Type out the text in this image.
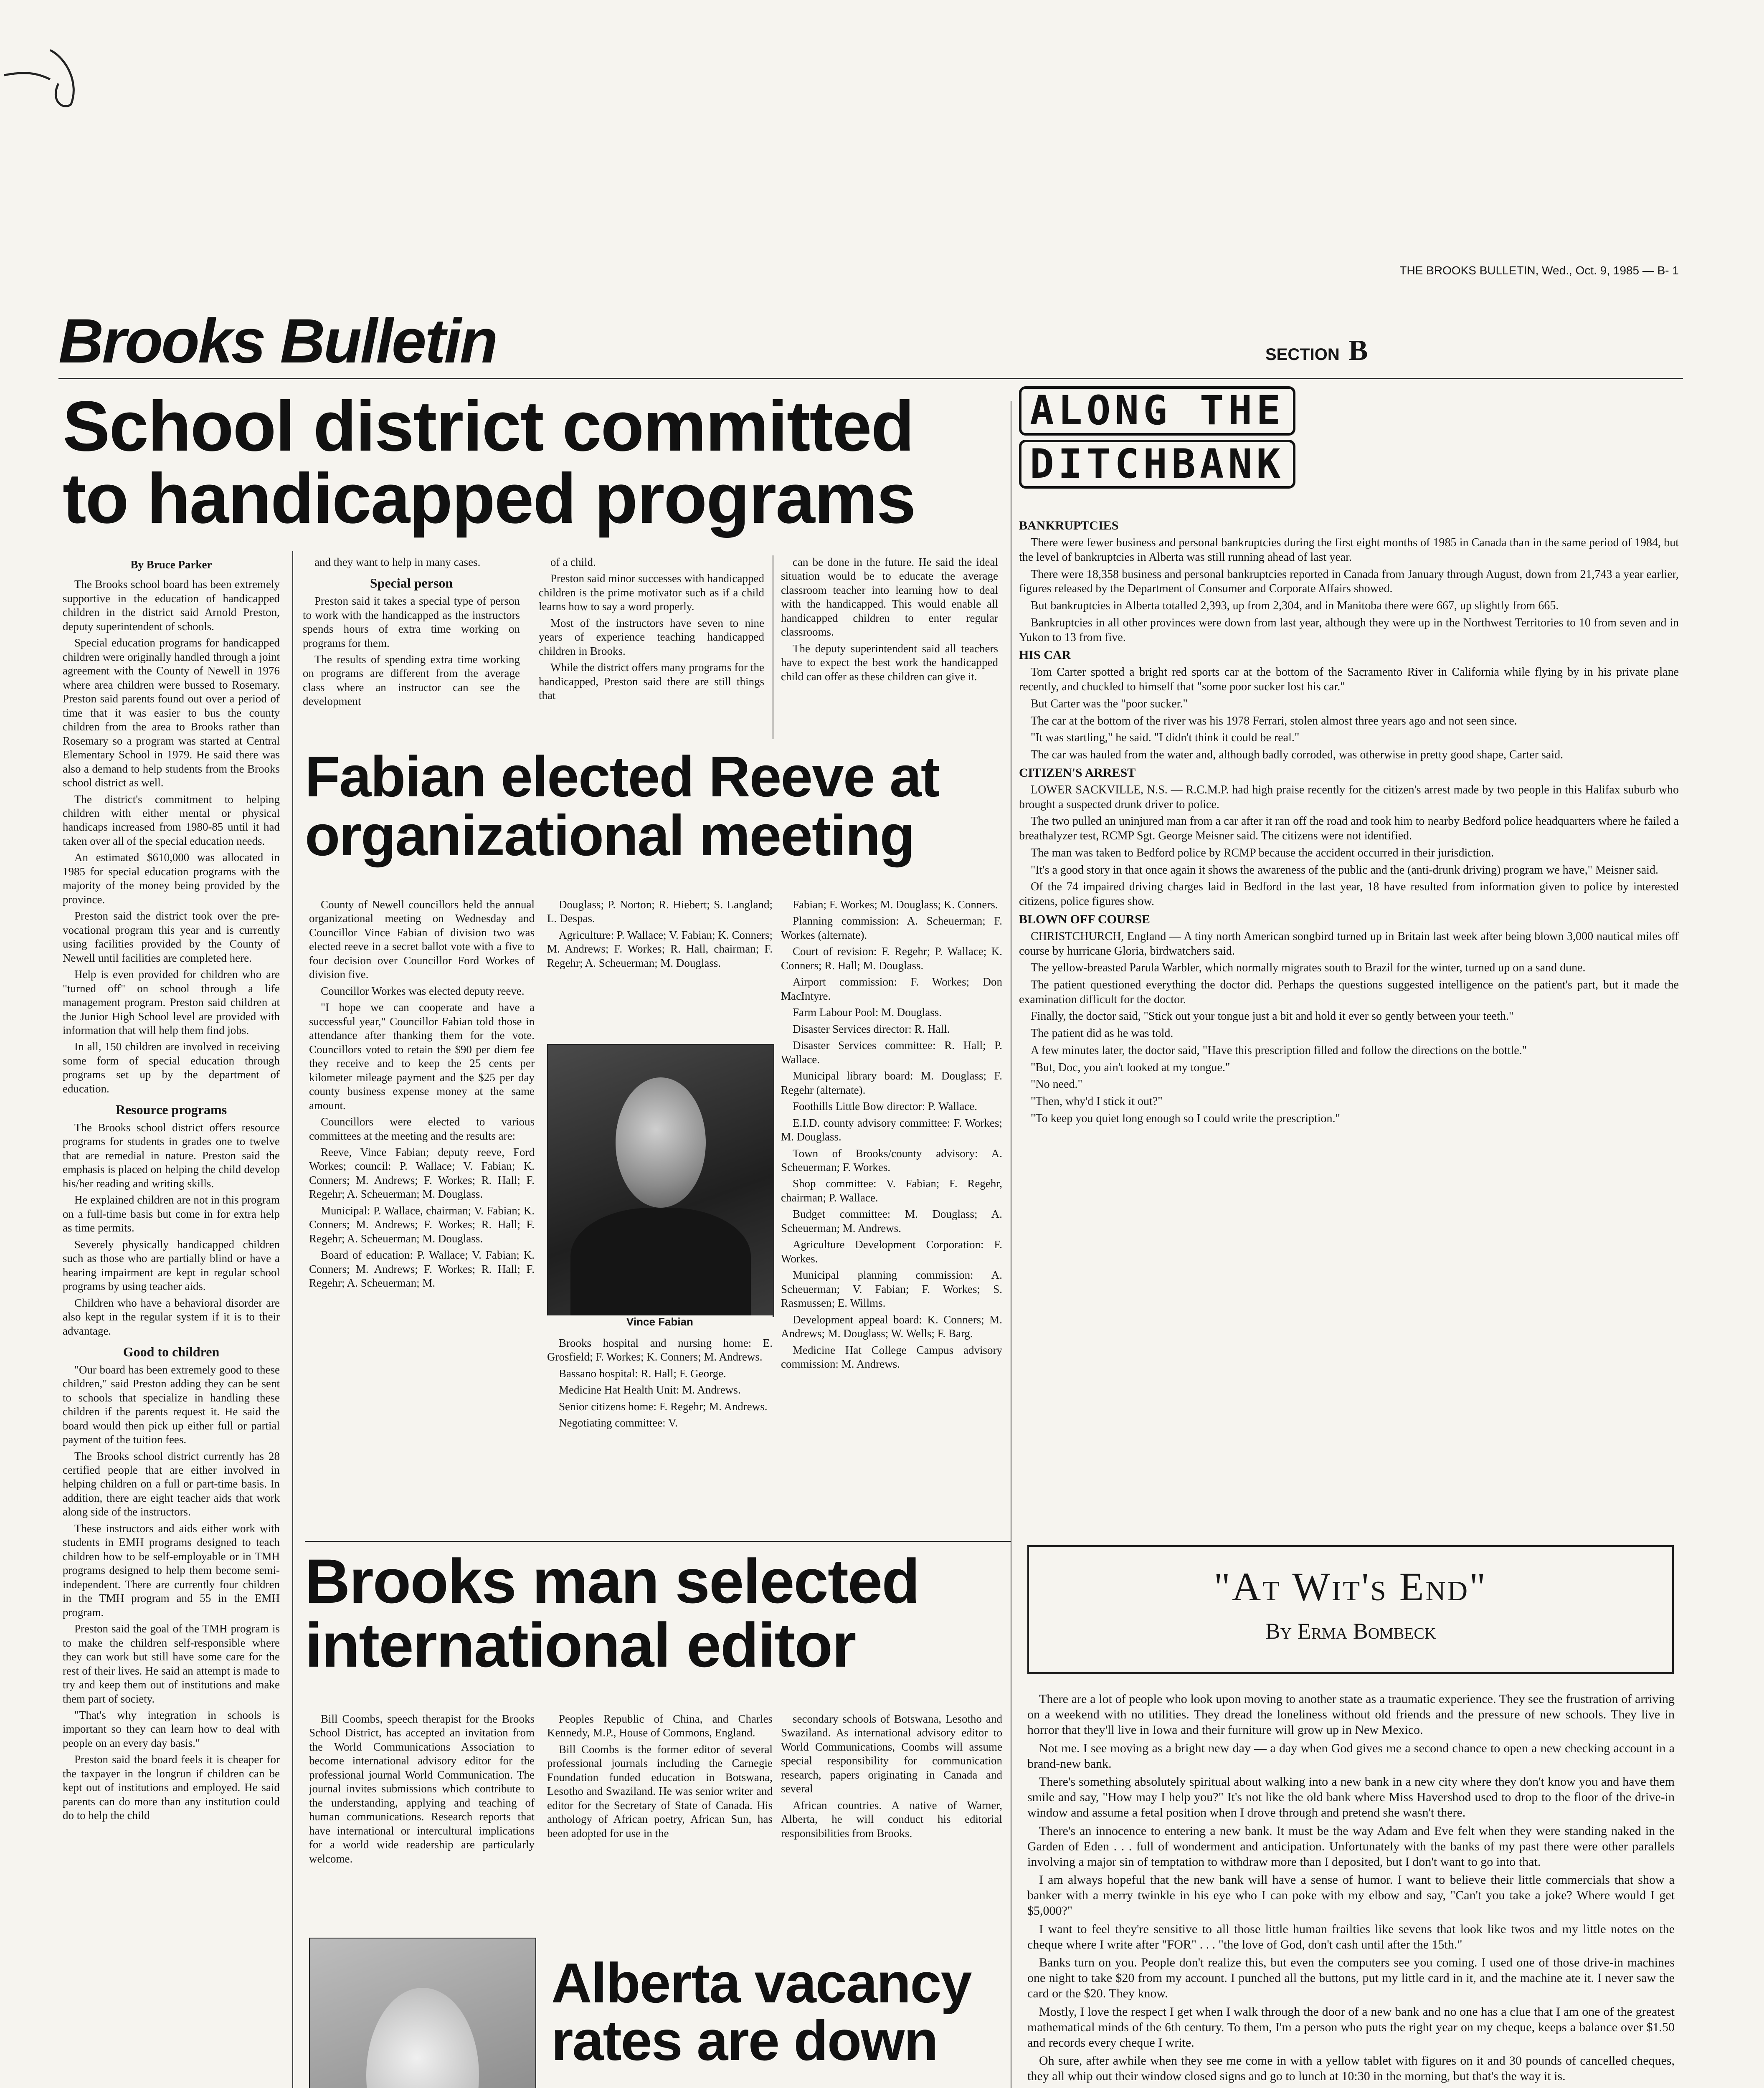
THE BROOKS BULLETIN, Wed., Oct. 9, 1985 — B- 1
Brooks Bulletin	SECTION B
School district committed to handicapped programs

By Bruce Parker

The Brooks school board has been extremely supportive in the education of handicapped children in the district said Arnold Preston, deputy superintendent of schools.

Special education programs for handicapped children were originally handled through a joint agreement with the County of Newell in 1976 where area children were bussed to Rosemary. Preston said parents found out over a period of time that it was easier to bus the county children from the area to Brooks rather than Rosemary so a program was started at Central Elementary School in 1979. He said there was also a demand to help students from the Brooks school district as well.

The district's commitment to helping children with either mental or physical handicaps increased from 1980-85 until it had taken over all of the special education needs.

An estimated $610,000 was allocated in 1985 for special education programs with the majority of the money being provided by the province.

Preston said the district took over the pre-vocational program this year and is currently using facilities provided by the County of Newell until facilities are completed here.

Help is even provided for children who are "turned off" on school through a life management program. Preston said children at the Junior High School level are provided with information that will help them find jobs.

In all, 150 children are involved in receiving some form of special education through programs set up by the department of education.

Resource programs

The Brooks school district offers resource programs for students in grades one to twelve that are remedial in nature. Preston said the emphasis is placed on helping the child develop his/her reading and writing skills.

He explained children are not in this program on a full-time basis but come in for extra help as time permits.

Severely physically handicapped children such as those who are partially blind or have a hearing impairment are kept in regular school programs by using teacher aids.

Children who have a behavioral disorder are also kept in the regular system if it is to their advantage.

Good to children

"Our board has been extremely good to these children," said Preston adding they can be sent to schools that specialize in handling these children if the parents request it. He said the board would then pick up either full or partial payment of the tuition fees.

The Brooks school district currently has 28 certified people that are either involved in helping children on a full or part-time basis. In addition, there are eight teacher aids that work along side of the instructors.

These instructors and aids either work with students in EMH programs designed to teach children how to be self-employable or in TMH programs designed to help them become semi-independent. There are currently four children in the TMH program and 55 in the EMH program.

Preston said the goal of the TMH program is to make the children self-responsible where they can work but still have some care for the rest of their lives. He said an attempt is made to try and keep them out of institutions and make them part of society.

"That's why integration in schools is important so they can learn how to deal with people on an every day basis."

Preston said the board feels it is cheaper for the taxpayer in the longrun if children can be kept out of institutions and employed. He said parents can do more than any institution could do to help the child

and they want to help in many cases.

Special person

Preston said it takes a special type of person to work with the handicapped as the instructors spends hours of extra time working on programs for them.

The results of spending extra time working on programs are different from the average class where an instructor can see the development

of a child.

Preston said minor successes with handicapped children is the prime motivator such as if a child learns how to say a word properly.

Most of the instructors have seven to nine years of experience teaching handicapped children in Brooks.

While the district offers many programs for the handicapped, Preston said there are still things that

can be done in the future. He said the ideal situation would be to educate the average classroom teacher into learning how to deal with the handicapped. This would enable all handicapped children to enter regular classrooms.

The deputy superintendent said all teachers have to expect the best work the handicapped child can offer as these children can give it.

Fabian elected Reeve at organizational meeting

County of Newell councillors held the annual organizational meeting on Wednesday and Councillor Vince Fabian of division two was elected reeve in a secret ballot vote with a five to four decision over Councillor Ford Workes of division five.

Councillor Workes was elected deputy reeve.

"I hope we can cooperate and have a successful year," Councillor Fabian told those in attendance after thanking them for the vote. Councillors voted to retain the $90 per diem fee they receive and to keep the 25 cents per kilometer mileage payment and the $25 per day county business expense money at the same amount.

Councillors were elected to various committees at the meeting and the results are:

Reeve, Vince Fabian; deputy reeve, Ford Workes; council: P. Wallace; V. Fabian; K. Conners; M. Andrews; F. Workes; R. Hall; F. Regehr; A. Scheuerman; M. Douglass.

Municipal: P. Wallace, chairman; V. Fabian; K. Conners; M. Andrews; F. Workes; R. Hall; F. Regehr; A. Scheuerman; M. Douglass.

Board of education: P. Wallace; V. Fabian; K. Conners; M. Andrews; F. Workes; R. Hall; F. Regehr; A. Scheuerman; M.

Douglass; P. Norton; R. Hiebert; S. Langland; L. Despas.

Agriculture: P. Wallace; V. Fabian; K. Conners; M. Andrews; F. Workes; R. Hall, chairman; F. Regehr; A. Scheuerman; M. Douglass.

Vince Fabian

Brooks hospital and nursing home: E. Grosfield; F. Workes; K. Conners; M. Andrews.

Bassano hospital: R. Hall; F. George.

Medicine Hat Health Unit: M. Andrews.

Senior citizens home: F. Regehr; M. Andrews.

Negotiating committee: V.

Fabian; F. Workes; M. Douglass; K. Conners.

Planning commission: A. Scheuerman; F. Workes (alternate).

Court of revision: F. Regehr; P. Wallace; K. Conners; R. Hall; M. Douglass.

Airport commission: F. Workes; Don MacIntyre.

Farm Labour Pool: M. Douglass.

Disaster Services director: R. Hall.

Disaster Services committee: R. Hall; P. Wallace.

Municipal library board: M. Douglass; F. Regehr (alternate).

Foothills Little Bow director: P. Wallace.

E.I.D. county advisory committee: F. Workes; M. Douglass.

Town of Brooks/county advisory: A. Scheuerman; F. Workes.

Shop committee: V. Fabian; F. Regehr, chairman; P. Wallace.

Budget committee: M. Douglass; A. Scheuerman; M. Andrews.

Agriculture Development Corporation: F. Workes.

Municipal planning commission: A. Scheuerman; V. Fabian; F. Workes; S. Rasmussen; E. Willms.

Development appeal board: K. Conners; M. Andrews; M. Douglass; W. Wells; F. Barg.

Medicine Hat College Campus advisory commission: M. Andrews.

Brooks man selected international editor

Bill Coombs, speech therapist for the Brooks School District, has accepted an invitation from the World Communications Association to become international advisory editor for the professional journal World Communication. The journal invites submissions which contribute to the understanding, applying and teaching of human communications. Research reports that have international or intercultural implications for a world wide readership are particularly welcome.

Peoples Republic of China, and Charles Kennedy, M.P., House of Commons, England.

Bill Coombs is the former editor of several professional journals including the Carnegie Foundation funded education in Botswana, Lesotho and Swaziland. He was senior writer and editor for the Secretary of State of Canada. His anthology of African poetry, African Sun, has been adopted for use in the

secondary schools of Botswana, Lesotho and Swaziland. As international advisory editor to World Communications, Coombs will assume special responsibility for communication research, papers originating in Canada and several

African countries. A native of Warner, Alberta, he will conduct his editorial responsibilities from Brooks.

Alberta vacancy rates are down

ALONG THE
DITCHBANK

BANKRUPTCIES

There were fewer business and personal bankruptcies during the first eight months of 1985 in Canada than in the same period of 1984, but the level of bankruptcies in Alberta was still running ahead of last year.

There were 18,358 business and personal bankruptcies reported in Canada from January through August, down from 21,743 a year earlier, figures released by the Department of Consumer and Corporate Affairs showed.

But bankruptcies in Alberta totalled 2,393, up from 2,304, and in Manitoba there were 667, up slightly from 665.

Bankruptcies in all other provinces were down from last year, although they were up in the Northwest Territories to 10 from seven and in Yukon to 13 from five.

HIS CAR

Tom Carter spotted a bright red sports car at the bottom of the Sacramento River in California while flying by in his private plane recently, and chuckled to himself that "some poor sucker lost his car."

But Carter was the "poor sucker."

The car at the bottom of the river was his 1978 Ferrari, stolen almost three years ago and not seen since.

"It was startling," he said. "I didn't think it could be real."

The car was hauled from the water and, although badly corroded, was otherwise in pretty good shape, Carter said.

CITIZEN'S ARREST

LOWER SACKVILLE, N.S. — R.C.M.P. had high praise recently for the citizen's arrest made by two people in this Halifax suburb who brought a suspected drunk driver to police.

The two pulled an uninjured man from a car after it ran off the road and took him to nearby Bedford police headquarters where he failed a breathalyzer test, RCMP Sgt. George Meisner said. The citizens were not identified.

The man was taken to Bedford police by RCMP because the accident occurred in their jurisdiction.

"It's a good story in that once again it shows the awareness of the public and the (anti-drunk driving) program we have," Meisner said.

Of the 74 impaired driving charges laid in Bedford in the last year, 18 have resulted from information given to police by interested citizens, police figures show.

BLOWN OFF COURSE

CHRISTCHURCH, England — A tiny north American songbird turned up in Britain last week after being blown 3,000 nautical miles off course by hurricane Gloria, birdwatchers said.

The yellow-breasted Parula Warbler, which normally migrates south to Brazil for the winter, turned up on a sand dune.

The patient questioned everything the doctor did. Perhaps the questions suggested intelligence on the patient's part, but it made the examination difficult for the doctor.

Finally, the doctor said, "Stick out your tongue just a bit and hold it ever so gently between your teeth."

The patient did as he was told.

A few minutes later, the doctor said, "Have this prescription filled and follow the directions on the bottle."

"But, Doc, you ain't looked at my tongue."

"No need."

"Then, why'd I stick it out?"

"To keep you quiet long enough so I could write the prescription."

"At Wit's End"
By Erma Bombeck

There are a lot of people who look upon moving to another state as a traumatic experience. They see the frustration of arriving on a weekend with no utilities. They dread the loneliness without old friends and the pressure of new schools. They live in horror that they'll live in Iowa and their furniture will grow up in New Mexico.

Not me. I see moving as a bright new day — a day when God gives me a second chance to open a new checking account in a brand-new bank.

There's something absolutely spiritual about walking into a new bank in a new city where they don't know you and have them smile and say, "How may I help you?" It's not like the old bank where Miss Havershod used to drop to the floor of the drive-in window and assume a fetal position when I drove through and pretend she wasn't there.

There's an innocence to entering a new bank. It must be the way Adam and Eve felt when they were standing naked in the Garden of Eden . . . full of wonderment and anticipation. Unfortunately with the banks of my past there were other parallels involving a major sin of temptation to withdraw more than I deposited, but I don't want to go into that.

I am always hopeful that the new bank will have a sense of humor. I want to believe their little commercials that show a banker with a merry twinkle in his eye who I can poke with my elbow and say, "Can't you take a joke? Where would I get $5,000?"

I want to feel they're sensitive to all those little human frailties like sevens that look like twos and my little notes on the cheque where I write after "FOR" . . . "the love of God, don't cash until after the 15th."

Banks turn on you. People don't realize this, but even the computers see you coming. I used one of those drive-in machines one night to take $20 from my account. I punched all the buttons, put my little card in it, and the machine ate it. I never saw the card or the $20. They know.

Mostly, I love the respect I get when I walk through the door of a new bank and no one has a clue that I am one of the greatest mathematical minds of the 6th century. To them, I'm a person who puts the right year on my cheque, keeps a balance over $1.50 and records every cheque I write.

Oh sure, after awhile when they see me come in with a yellow tablet with figures on it and 30 pounds of cancelled cheques, they all whip out their window closed signs and go to lunch at 10:30 in the morning, but that's the way it is.
